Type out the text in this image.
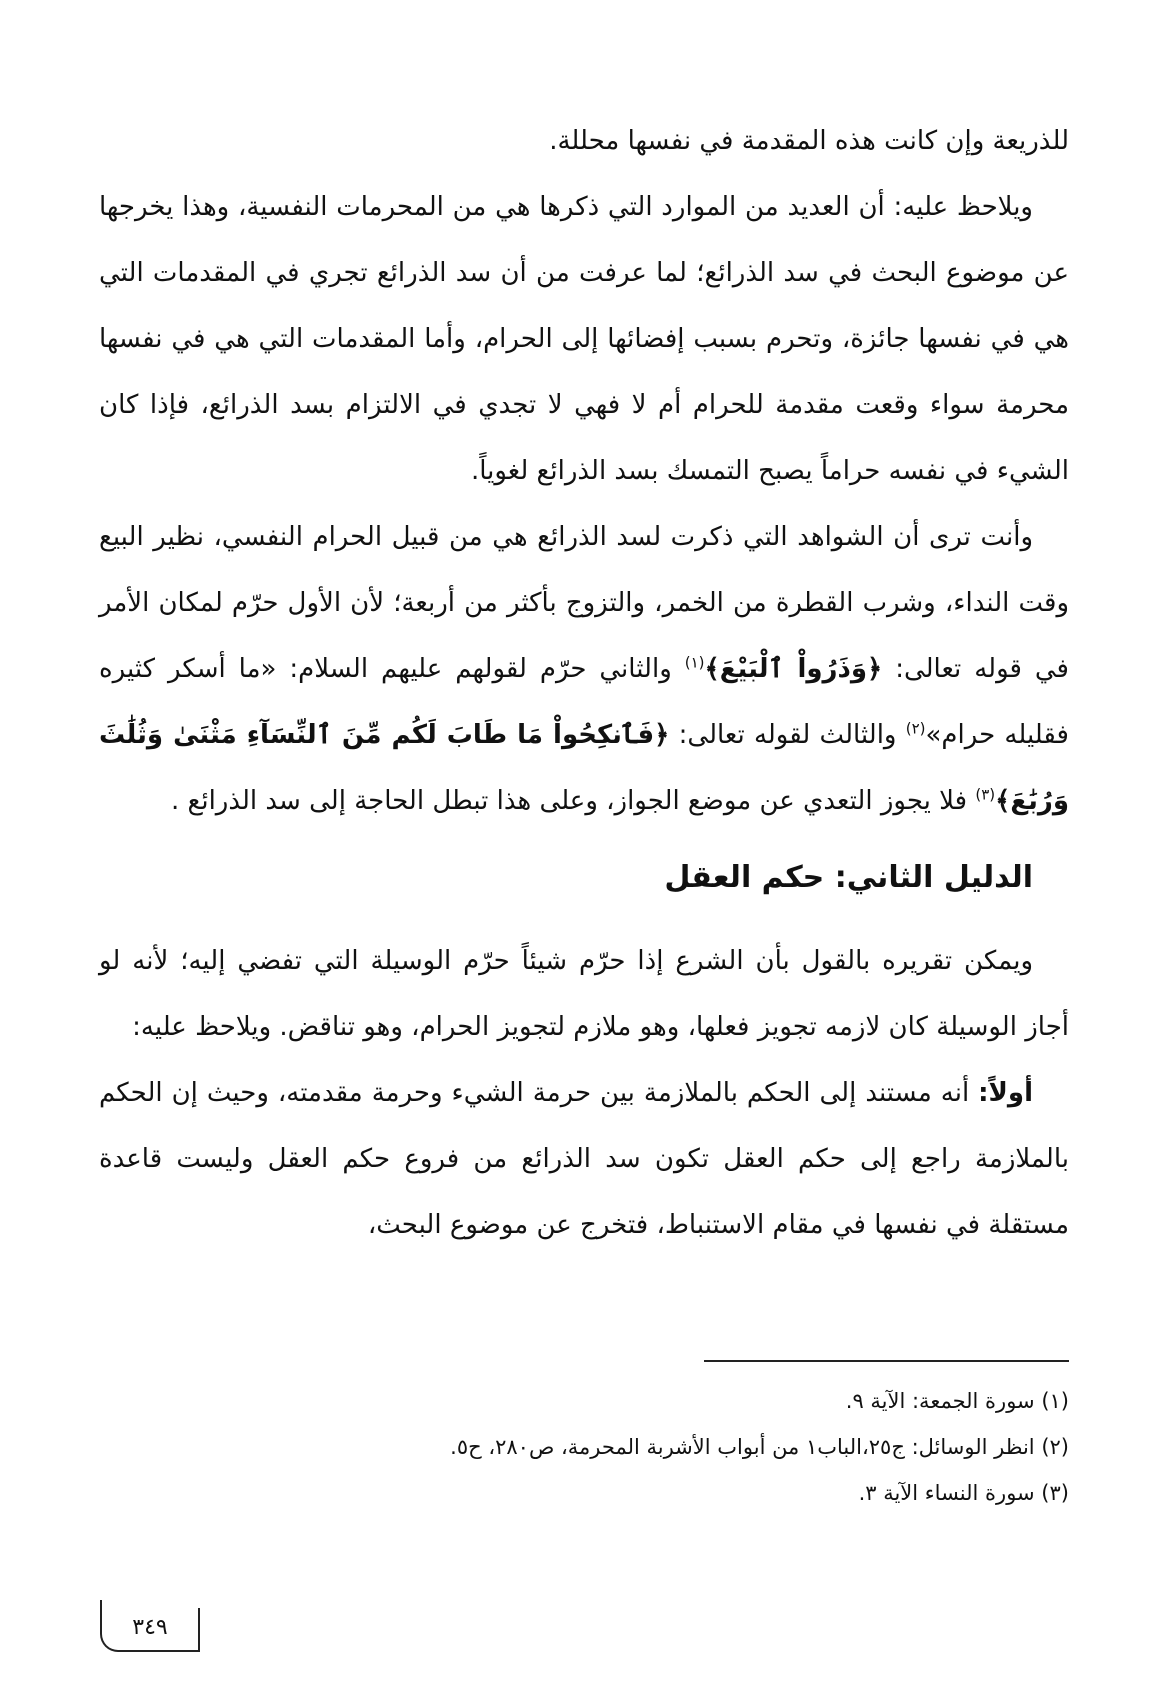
للذريعة وإن كانت هذه المقدمة في نفسها محللة.

ويلاحظ عليه: أن العديد من الموارد التي ذكرها هي من المحرمات النفسية، وهذا يخرجها عن موضوع البحث في سد الذرائع؛ لما عرفت من أن سد الذرائع تجري في المقدمات التي هي في نفسها جائزة، وتحرم بسبب إفضائها إلى الحرام، وأما المقدمات التي هي في نفسها محرمة سواء وقعت مقدمة للحرام أم لا فهي لا تجدي في الالتزام بسد الذرائع، فإذا كان الشيء في نفسه حراماً يصبح التمسك بسد الذرائع لغوياً.

وأنت ترى أن الشواهد التي ذكرت لسد الذرائع هي من قبيل الحرام النفسي، نظير البيع وقت النداء، وشرب القطرة من الخمر، والتزوج بأكثر من أربعة؛ لأن الأول حرّم لمكان الأمر في قوله تعالى: ﴿وَذَرُواْ ٱلْبَيْعَ﴾$^{(١)}$ والثاني حرّم لقولهم عليهم السلام: «ما أسكر كثيره فقليله حرام»$^{(٢)}$ والثالث لقوله تعالى: ﴿فَٱنكِحُواْ مَا طَابَ لَكُم مِّنَ ٱلنِّسَآءِ مَثْنَىٰ وَثُلَٰثَ وَرُبَٰعَ﴾$^{(٣)}$ فلا يجوز التعدي عن موضع الجواز، وعلى هذا تبطل الحاجة إلى سد الذرائع .

الدليل الثاني: حكم العقل

ويمكن تقريره بالقول بأن الشرع إذا حرّم شيئاً حرّم الوسيلة التي تفضي إليه؛ لأنه لو أجاز الوسيلة كان لازمه تجويز فعلها، وهو ملازم لتجويز الحرام، وهو تناقض. ويلاحظ عليه:

أولاً: أنه مستند إلى الحكم بالملازمة بين حرمة الشيء وحرمة مقدمته، وحيث إن الحكم بالملازمة راجع إلى حكم العقل تكون سد الذرائع من فروع حكم العقل وليست قاعدة مستقلة في نفسها في مقام الاستنباط، فتخرج عن موضوع البحث،

(١) سورة الجمعة: الآية ٩.
(٢) انظر الوسائل: ج٢٥،الباب١ من أبواب الأشربة المحرمة، ص٢٨٠، ح٥.
(٣) سورة النساء الآية ٣.
٣٤٩
